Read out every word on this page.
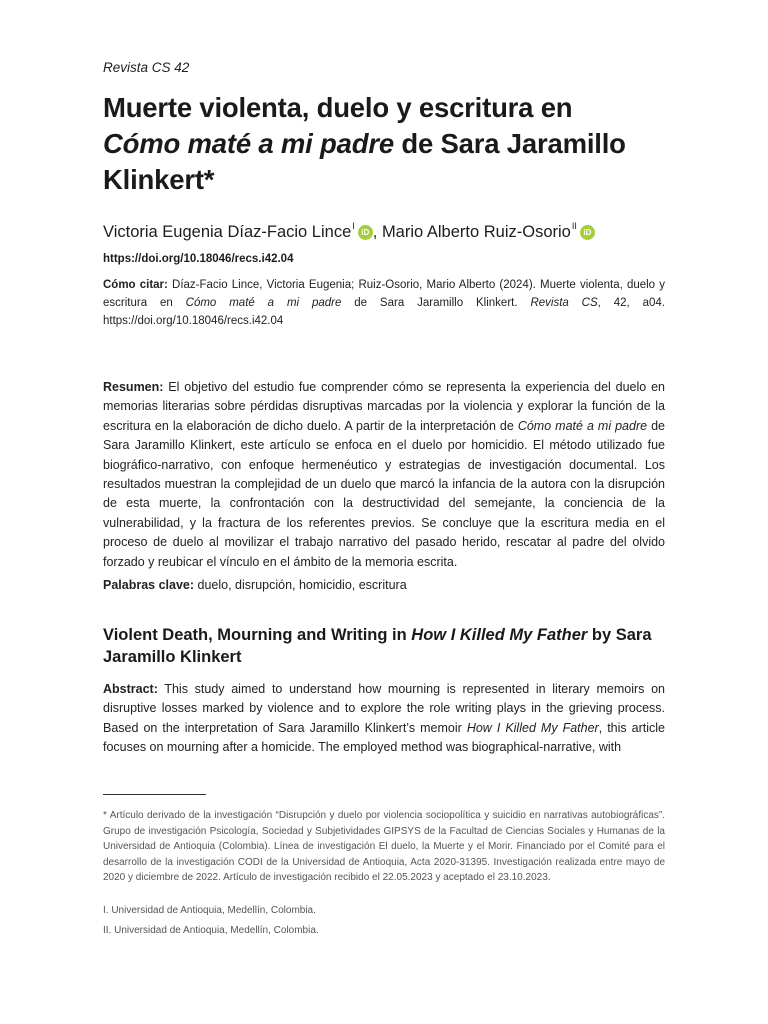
Revista CS 42
Muerte violenta, duelo y escritura en
Cómo maté a mi padre de Sara Jaramillo
Klinkert*
Victoria Eugenia Díaz-Facio Lince$^I$iD , Mario Alberto Ruiz-Osorio$^{II}$iD
https://doi.org/10.18046/recs.i42.04
Cómo citar: Díaz-Facio Lince, Victoria Eugenia; Ruiz-Osorio, Mario Alberto (2024). Muerte violenta, duelo y escritura en Cómo maté a mi padre de Sara Jaramillo Klinkert. Revista CS, 42, a04. https://doi.org/10.18046/recs.i42.04
Resumen: El objetivo del estudio fue comprender cómo se representa la experiencia del duelo en memorias literarias sobre pérdidas disruptivas marcadas por la violencia y explorar la función de la escritura en la elaboración de dicho duelo. A partir de la interpretación de Cómo maté a mi padre de Sara Jaramillo Klinkert, este artículo se enfoca en el duelo por homicidio. El método utilizado fue biográfico-narrativo, con enfoque hermenéutico y estrategias de investigación documental. Los resultados muestran la complejidad de un duelo que marcó la infancia de la autora con la disrupción de esta muerte, la confrontación con la destructividad del semejante, la conciencia de la vulnerabilidad, y la fractura de los referentes previos. Se concluye que la escritura media en el proceso de duelo al movilizar el trabajo narrativo del pasado herido, rescatar al padre del olvido forzado y reubicar el vínculo en el ámbito de la memoria escrita.
Palabras clave: duelo, disrupción, homicidio, escritura
Violent Death, Mourning and Writing in How I Killed My Father by Sara Jaramillo Klinkert
Abstract: This study aimed to understand how mourning is represented in literary memoirs on disruptive losses marked by violence and to explore the role writing plays in the grieving process. Based on the interpretation of Sara Jaramillo Klinkert’s memoir How I Killed My Father, this article focuses on mourning after a homicide. The employed method was biographical-narrative, with
* Artículo derivado de la investigación “Disrupción y duelo por violencia sociopolítica y suicidio en narrativas autobiográficas”. Grupo de investigación Psicología, Sociedad y Subjetividades GIPSYS de la Facultad de Ciencias Sociales y Humanas de la Universidad de Antioquia (Colombia). Línea de investigación El duelo, la Muerte y el Morir. Financiado por el Comité para el desarrollo de la investigación CODI de la Universidad de Antioquia, Acta 2020-31395. Investigación realizada entre mayo de 2020 y diciembre de 2022. Artículo de investigación recibido el 22.05.2023 y aceptado el 23.10.2023.
I. Universidad de Antioquia, Medellín, Colombia.
II. Universidad de Antioquia, Medellín, Colombia.
